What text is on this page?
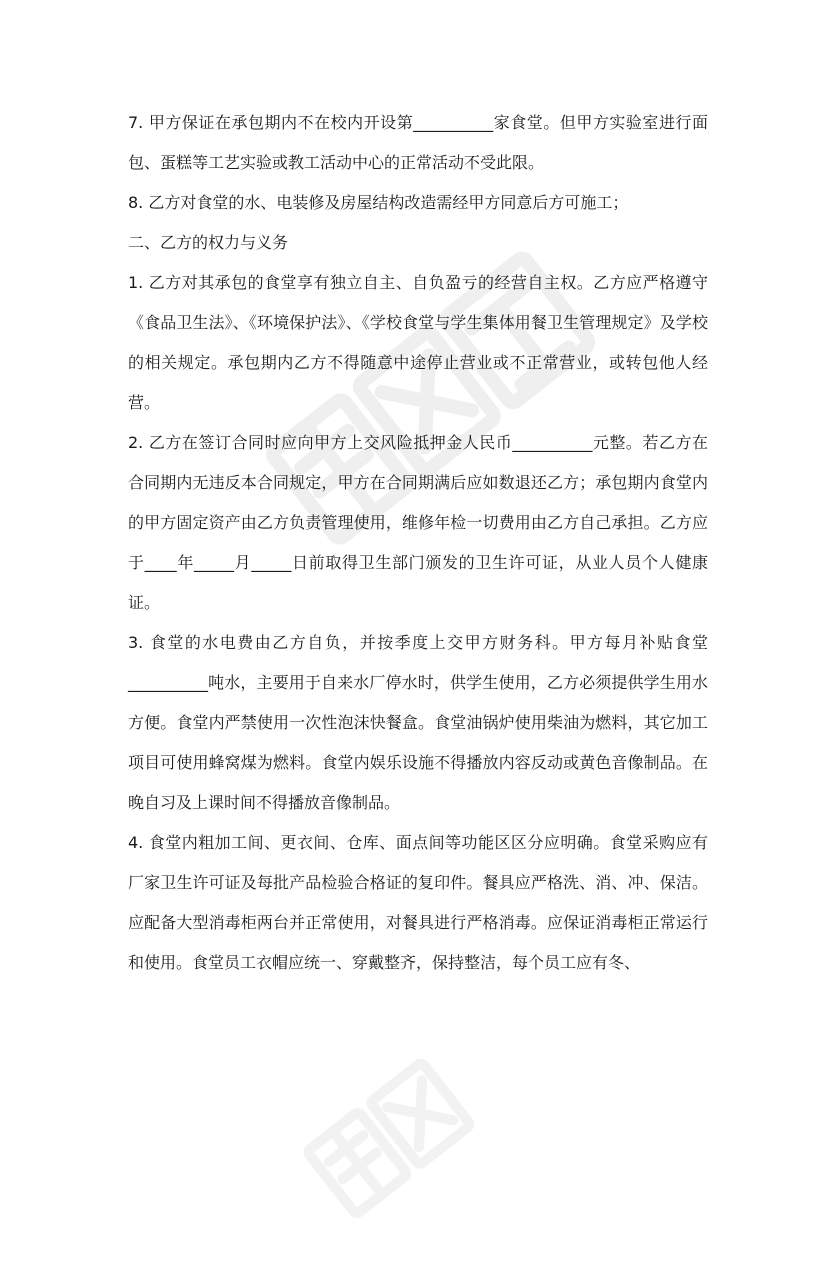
7. 甲方保证在承包期内不在校内开设第__________家食堂。但甲方实验室进行面包、蛋糕等工艺实验或教工活动中心的正常活动不受此限。

8. 乙方对食堂的水、电装修及房屋结构改造需经甲方同意后方可施工；

二、乙方的权力与义务

1. 乙方对其承包的食堂享有独立自主、自负盈亏的经营自主权。乙方应严格遵守《食品卫生法》、《环境保护法》、《学校食堂与学生集体用餐卫生管理规定》及学校的相关规定。承包期内乙方不得随意中途停止营业或不正常营业，或转包他人经营。

2. 乙方在签订合同时应向甲方上交风险抵押金人民币__________元整。若乙方在合同期内无违反本合同规定，甲方在合同期满后应如数退还乙方；承包期内食堂内的甲方固定资产由乙方负责管理使用，维修年检一切费用由乙方自己承担。乙方应于____年_____月_____日前取得卫生部门颁发的卫生许可证，从业人员个人健康证。

3. 食堂的水电费由乙方自负，并按季度上交甲方财务科。甲方每月补贴食堂__________吨水，主要用于自来水厂停水时，供学生使用，乙方必须提供学生用水方便。食堂内严禁使用一次性泡沫快餐盒。食堂油锅炉使用柴油为燃料，其它加工项目可使用蜂窝煤为燃料。食堂内娱乐设施不得播放内容反动或黄色音像制品。在晚自习及上课时间不得播放音像制品。

4. 食堂内粗加工间、更衣间、仓库、面点间等功能区区分应明确。食堂采购应有厂家卫生许可证及每批产品检验合格证的复印件。餐具应严格洗、消、冲、保洁。应配备大型消毒柜两台并正常使用，对餐具进行严格消毒。应保证消毒柜正常运行和使用。食堂员工衣帽应统一、穿戴整齐，保持整洁，每个员工应有冬、
